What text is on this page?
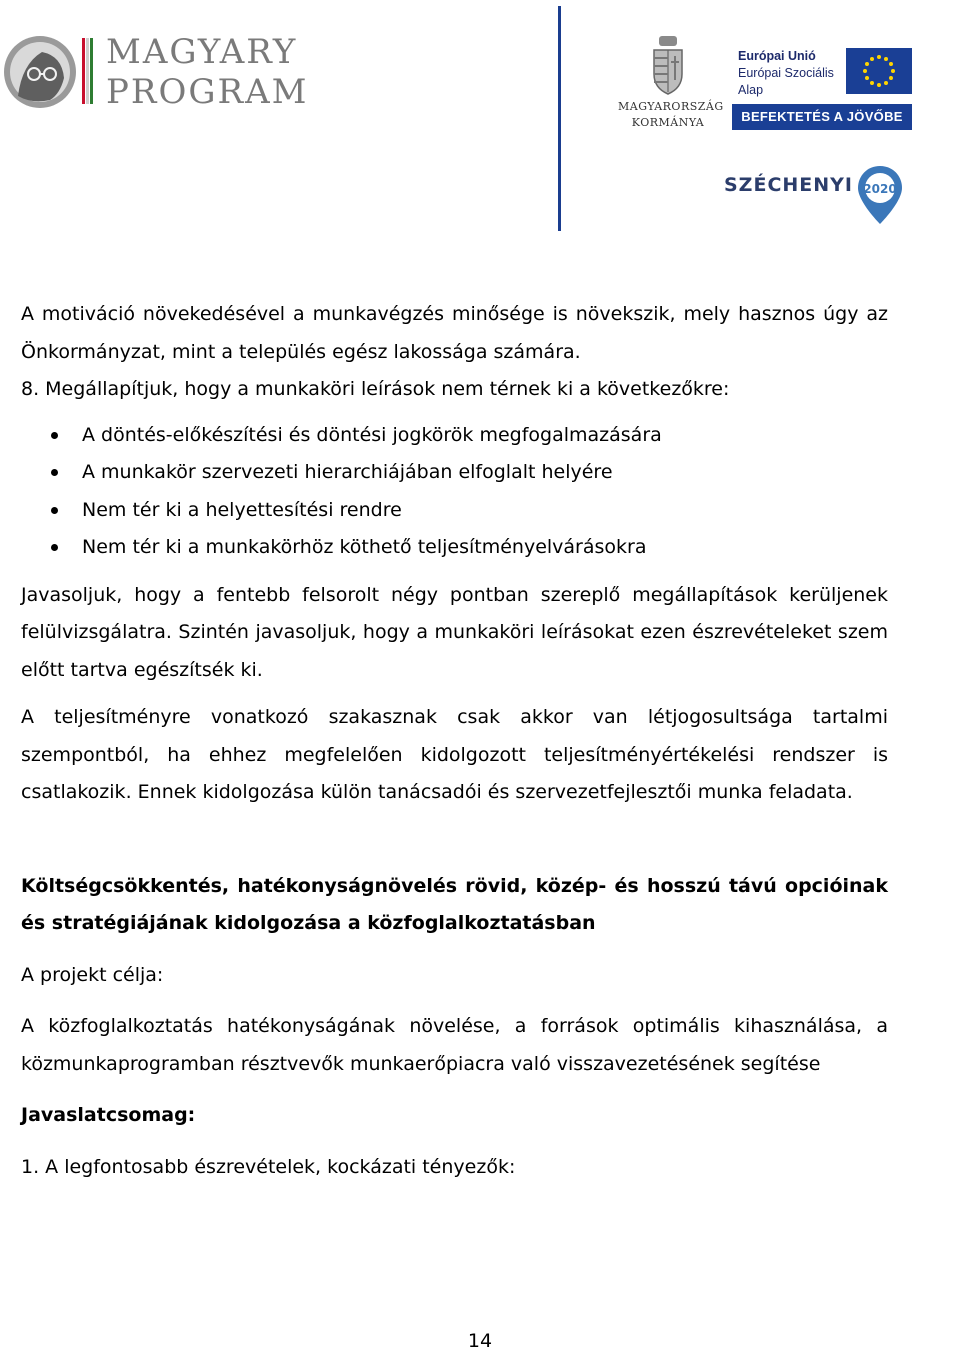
MAGYARY
PROGRAM	MAGYARORSZÁG
KORMÁNYA
Európai Unió
Európai Szociális
Alap
BEFEKTETÉS A JÖVŐBE
SZÉCHENYI 2020

A motiváció növekedésével a munkavégzés minősége is növekszik, mely hasznos úgy az Önkormányzat, mint a település egész lakossága számára.

8. Megállapítjuk, hogy a munkaköri leírások nem térnek ki a következőkre:

A döntés-előkészítési és döntési jogkörök megfogalmazására
A munkakör szervezeti hierarchiájában elfoglalt helyére
Nem tér ki a helyettesítési rendre
Nem tér ki a munkakörhöz köthető teljesítményelvárásokra

Javasoljuk, hogy a fentebb felsorolt négy pontban szereplő megállapítások kerüljenek felülvizsgálatra. Szintén javasoljuk, hogy a munkaköri leírásokat ezen észrevételeket szem előtt tartva egészítsék ki.

A teljesítményre vonatkozó szakasznak csak akkor van létjogosultsága tartalmi szempontból, ha ehhez megfelelően kidolgozott teljesítményértékelési rendszer is csatlakozik. Ennek kidolgozása külön tanácsadói és szervezetfejlesztői munka feladata.

Költségcsökkentés, hatékonyságnövelés rövid, közép- és hosszú távú opcióinak és stratégiájának kidolgozása a közfoglalkoztatásban

A projekt célja:

A közfoglalkoztatás hatékonyságának növelése, a források optimális kihasználása, a közmunkaprogramban résztvevők munkaerőpiacra való visszavezetésének segítése

Javaslatcsomag:

1. A legfontosabb észrevételek, kockázati tényezők:

14
